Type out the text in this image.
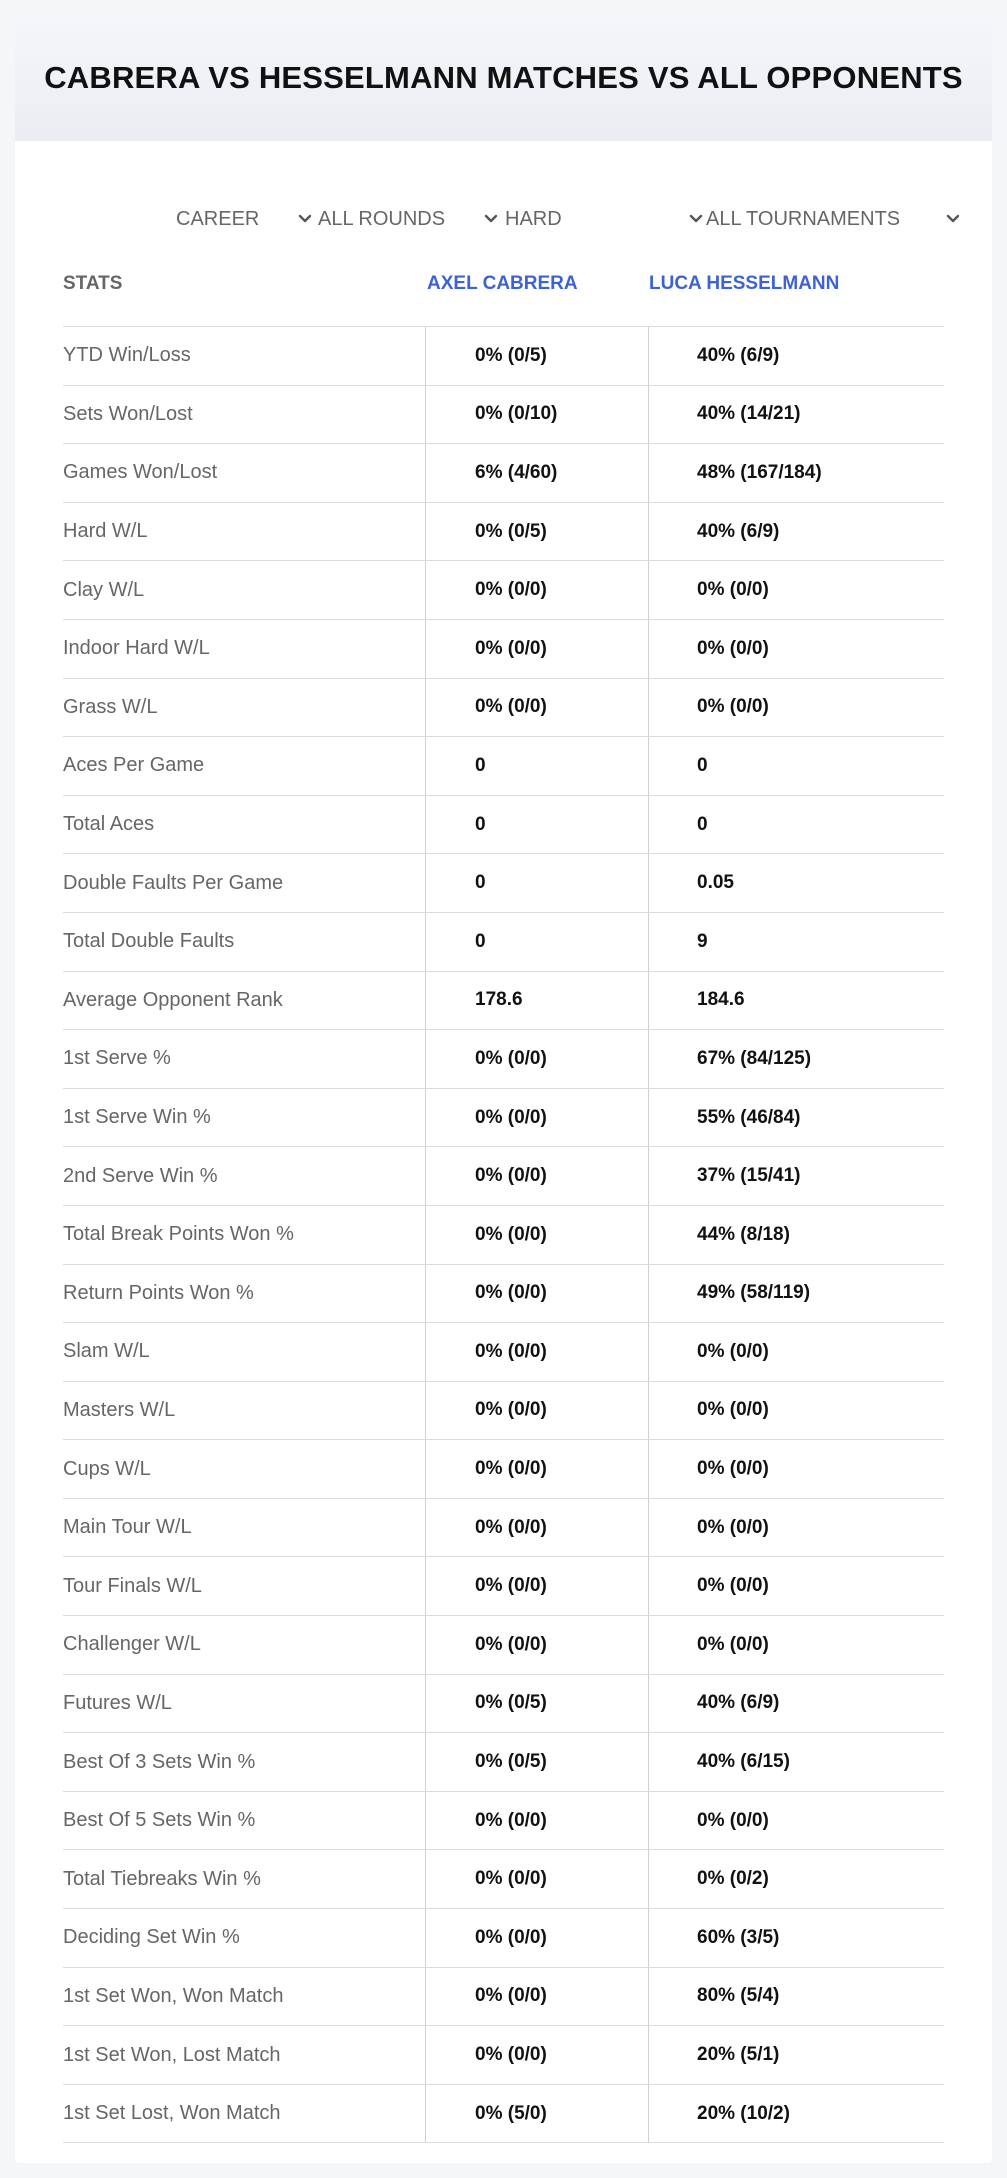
CABRERA VS HESSELMANN MATCHES VS ALL OPPONENTS
CAREER	ALL ROUNDS	HARD	ALL TOURNAMENTS
STATS	AXEL CABRERA	LUCA HESSELMANN
YTD Win/Loss	0% (0/5)	40% (6/9)
Sets Won/Lost	0% (0/10)	40% (14/21)
Games Won/Lost	6% (4/60)	48% (167/184)
Hard W/L	0% (0/5)	40% (6/9)
Clay W/L	0% (0/0)	0% (0/0)
Indoor Hard W/L	0% (0/0)	0% (0/0)
Grass W/L	0% (0/0)	0% (0/0)
Aces Per Game	0	0
Total Aces	0	0
Double Faults Per Game	0	0.05
Total Double Faults	0	9
Average Opponent Rank	178.6	184.6
1st Serve %	0% (0/0)	67% (84/125)
1st Serve Win %	0% (0/0)	55% (46/84)
2nd Serve Win %	0% (0/0)	37% (15/41)
Total Break Points Won %	0% (0/0)	44% (8/18)
Return Points Won %	0% (0/0)	49% (58/119)
Slam W/L	0% (0/0)	0% (0/0)
Masters W/L	0% (0/0)	0% (0/0)
Cups W/L	0% (0/0)	0% (0/0)
Main Tour W/L	0% (0/0)	0% (0/0)
Tour Finals W/L	0% (0/0)	0% (0/0)
Challenger W/L	0% (0/0)	0% (0/0)
Futures W/L	0% (0/5)	40% (6/9)
Best Of 3 Sets Win %	0% (0/5)	40% (6/15)
Best Of 5 Sets Win %	0% (0/0)	0% (0/0)
Total Tiebreaks Win %	0% (0/0)	0% (0/2)
Deciding Set Win %	0% (0/0)	60% (3/5)
1st Set Won, Won Match	0% (0/0)	80% (5/4)
1st Set Won, Lost Match	0% (0/0)	20% (5/1)
1st Set Lost, Won Match	0% (5/0)	20% (10/2)
